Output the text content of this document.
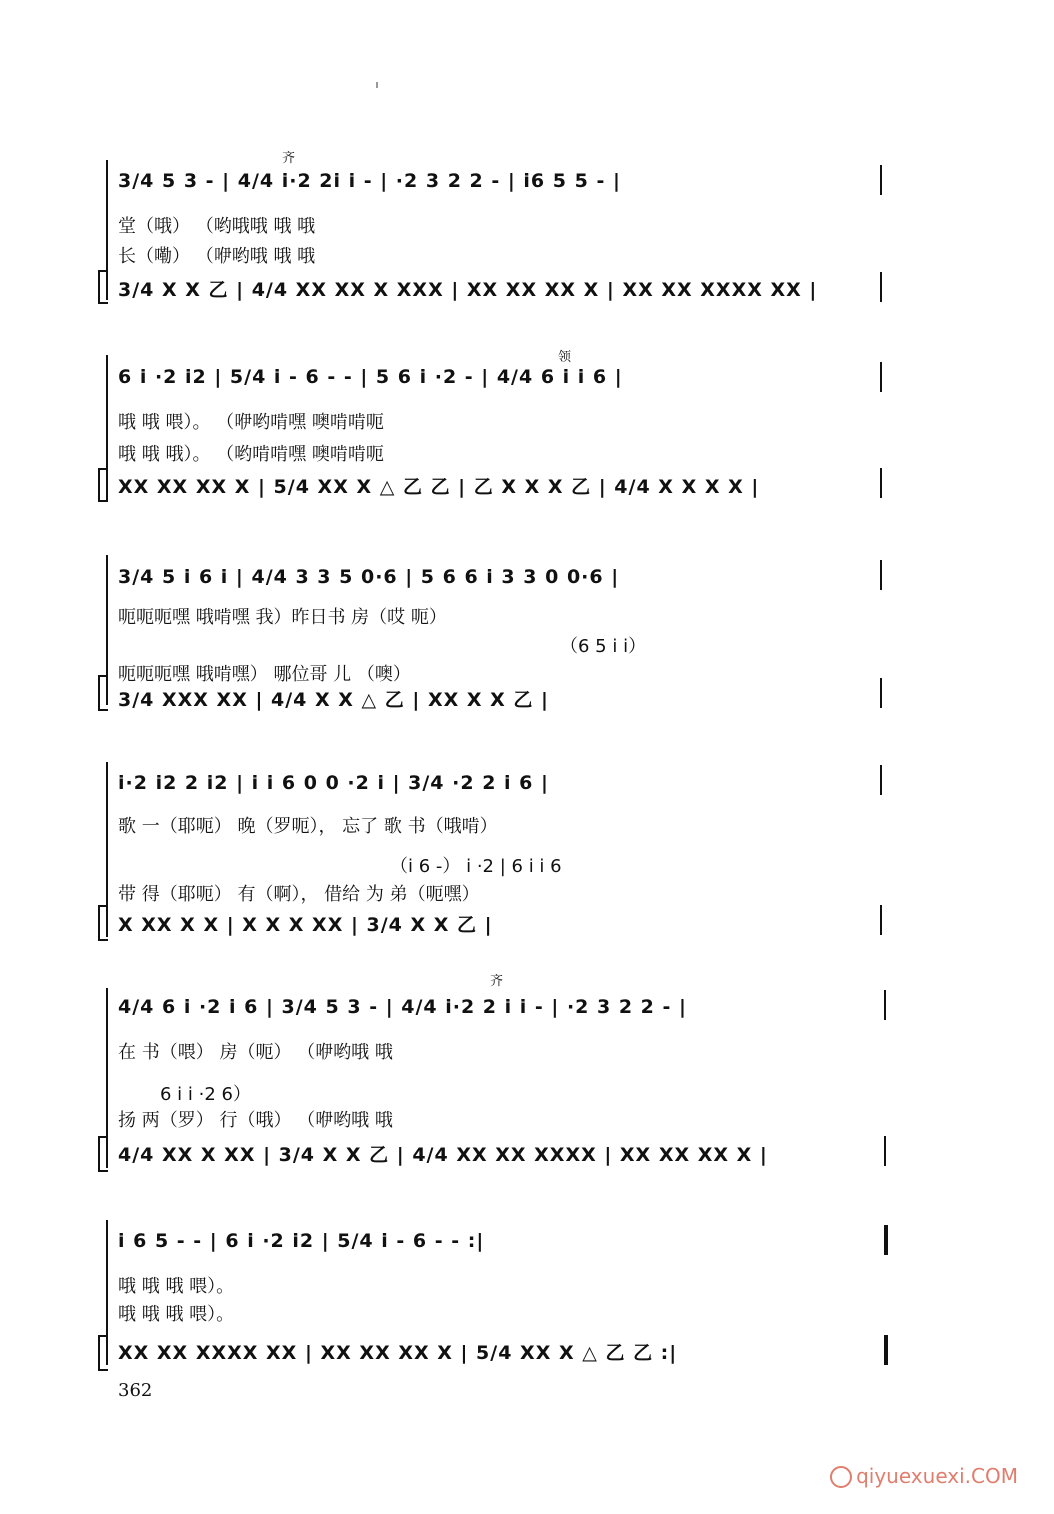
齐
3/4 5 3 - | 4/4 i·2 2i i - | ·2 3 2 2 - | i6 5 5 - |
堂（哦） （哟哦哦 哦 哦
长（嘞） （咿哟哦 哦 哦
3/4 X X 乙 | 4/4 XX XX X XXX | XX XX XX X | XX XX XXXX XX |
领
6 i ·2 i2 | 5/4 i - 6 - - | 5 6 i ·2 - | 4/4 6 i i 6 |
哦 哦 喂）。 （咿哟啃嘿 噢啃啃呃
哦 哦 哦）。 （哟啃啃嘿 噢啃啃呃
XX XX XX X | 5/4 XX X △ 乙 乙 | 乙 X X X 乙 | 4/4 X X X X |
3/4 5 i 6 i | 4/4 3 3 5 0·6 | 5 6 6 i 3 3 0 0·6 |
呃呃呃嘿 哦啃嘿 我）昨日书 房（哎 呃）
（6 5 i i）
呃呃呃嘿 哦啃嘿） 哪位哥 儿 （噢）
3/4 XXX XX | 4/4 X X △ 乙 | XX X X 乙 |
i·2 i2 2 i2 | i i 6 0 0 ·2 i | 3/4 ·2 2 i 6 |
歌 一（耶呃） 晚（罗呃）， 忘了 歌 书（哦啃）
（i 6 -） i ·2 | 6 i i 6
带 得（耶呃） 有（啊）， 借给 为 弟（呃嘿）
X XX X X | X X X XX | 3/4 X X 乙 |
齐
4/4 6 i ·2 i 6 | 3/4 5 3 - | 4/4 i·2 2 i i - | ·2 3 2 2 - |
在 书（喂） 房（呃） （咿哟哦 哦
6 i i ·2 6）
扬 两（罗） 行（哦） （咿哟哦 哦
4/4 XX X XX | 3/4 X X 乙 | 4/4 XX XX XXXX | XX XX XX X |
i 6 5 - - | 6 i ·2 i2 | 5/4 i - 6 - - :|
哦 哦 哦 喂）。
哦 哦 哦 喂）。
XX XX XXXX XX | XX XX XX X | 5/4 XX X △ 乙 乙 :|
362
qiyuexuexi.COM
